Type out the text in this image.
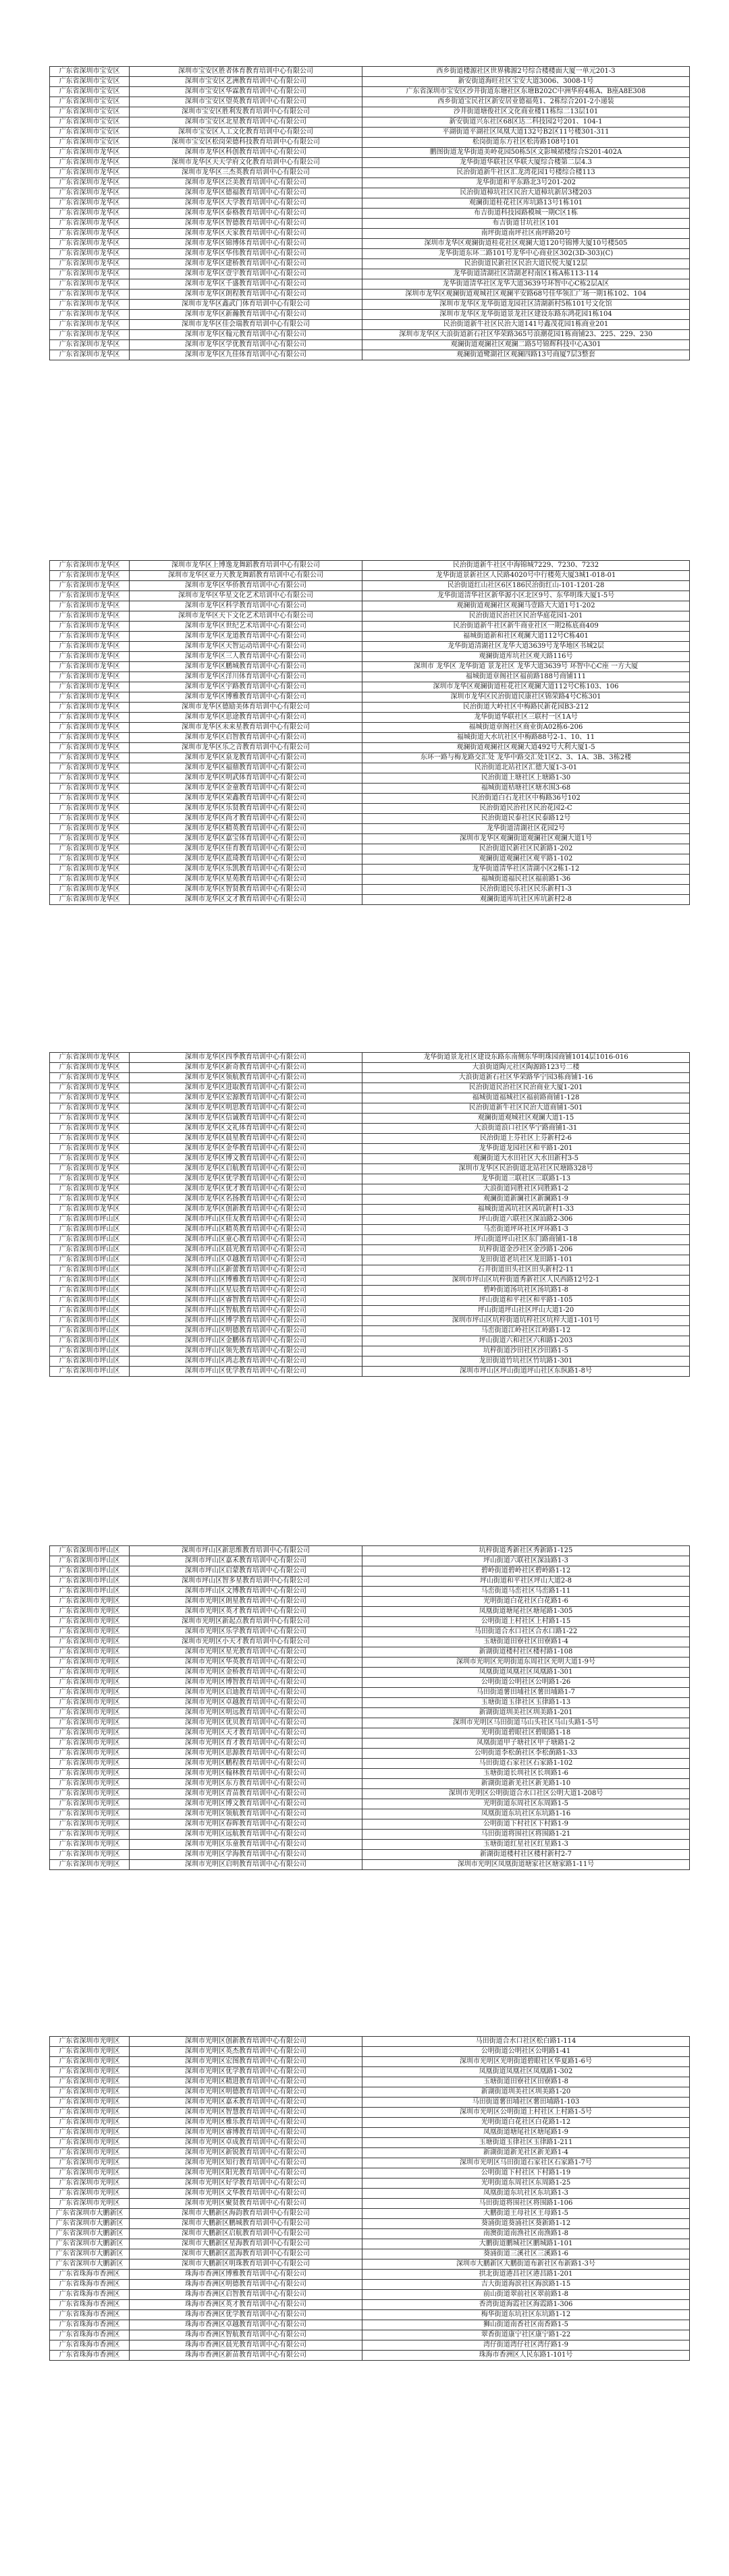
广东省深圳市宝安区	深圳市宝安区胜者体育教育培训中心有限公司	西乡街道楼源社区世界佛源2号综合楼楼面大厦一单元201-3
广东省深圳市宝安区	深圳市宝安区艺洲教育培训中心有限公司	新安街道海旺社区宝安大道3006、3008-1号
广东省深圳市宝安区	深圳市宝安区华霖教育培训中心有限公司	广东省深圳市宝安区沙井街道东塘社区东塘B202C中洲华府4栋A、B座A8E308
广东省深圳市宝安区	深圳市宝安区望英教育培训中心有限公司	西乡街道宝民社区新安居业德福苑1、2栋综合201-2小递装
广东省深圳市宝安区	深圳市宝安区胜利发教育培训中心有限公司	沙井街道塘俊社区文化商业楼11栋综二13层101
广东省深圳市宝安区	深圳市宝安区北星教育培训中心有限公司	新安街道兴东社区68区达二科技园2号201、104-1
广东省深圳市宝安区	深圳市宝安区人工文化教育培训中心有限公司	平湖街道平湖社区凤凰大道132号B2区11号楼301-311
广东省深圳市宝安区	深圳市宝安区松岗荣德科技教育培训中心有限公司	松岗街道东方社区松涛路108号101
广东省深圳市龙华区	深圳市龙华区科创教育培训中心有限公司	鹏图街道龙华街道美岭花园50栋5区文影城裙楼综合S201-402A
广东省深圳市龙华区	深圳市龙华区天天学府文化教育培训中心有限公司	龙华街道华联社区华联大厦综合楼第二层4.3
广东省深圳市龙华区	深圳市龙华区三杰英教育培训中心有限公司	民治街道新牛社区汇龙湾花园1号楼综合楼113
广东省深圳市龙华区	深圳市龙华区泛美教育培训中心有限公司	龙华街道和平东路北3号201-202
广东省深圳市龙华区	深圳市龙华区德福教育培训中心有限公司	民治街道樟坑社区民治大道樟坑新居3楼203
广东省深圳市龙华区	深圳市龙华区大学教育培训中心有限公司	观澜街道桂花社区库坑路13号1栋101
广东省深圳市龙华区	深圳市龙华区泰格教育培训中心有限公司	布吉街道科技园路模城一期C区1栋
广东省深圳市龙华区	深圳市龙华区智德教育培训中心有限公司	布吉街道甘坑社区101
广东省深圳市龙华区	深圳市龙华区天家教育培训中心有限公司	南坪街道南坪社区南坪路20号
广东省深圳市龙华区	深圳市龙华区锦博体育培训中心有限公司	深圳市龙华区观澜街道桂花社区观澜大道120号锦博大厦10号楼505
广东省深圳市龙华区	深圳市龙华区华伟教育培训中心有限公司	龙华街道东环二路101号龙华中心商业区302(3D-303)(C)
广东省深圳市龙华区	深圳市龙华区建桥教育培训中心有限公司	民治街道民新社区民治大道民悦大厦12层
广东省深圳市龙华区	深圳市龙华区壹宇教育培训中心有限公司	龙华街道清湖社区清湖老村南区1栋A栋113-114
广东省深圳市龙华区	深圳市龙华区千盛教育培训中心有限公司	龙华街道清华社区龙华大道3639号环智中心C栋2层A区
广东省深圳市龙华区	深圳市龙华区朗程教育培训中心有限公司	深圳市龙华区观澜街道观城社区观澜平安路68号佳华领汇广场一期1栋102、104
广东省深圳市龙华区	深圳市龙华区鑫武门体育培训中心有限公司	深圳市龙华区龙华街道龙园社区清湖新村5栋101号文化馆
广东省深圳市龙华区	深圳市龙华区新瀚教育培训中心有限公司	深圳市龙华区龙华街道景龙社区建设东路东鸿花园1栋104
广东省深圳市龙华区	深圳市龙华区佳会瑞教育培训中心有限公司	民治街道新牛社区民治大道141号鑫茂花园1栋商业201
广东省深圳市龙华区	深圳市龙华区翰元教育培训中心有限公司	深圳市龙华区大浪街道新石社区华荣路365号浪潮花园1栋商铺23、225、229、230
广东省深圳市龙华区	深圳市龙华区学优教育培训中心有限公司	观澜街道观澜社区观澜二路5号锦辉科技中心A301
广东省深圳市龙华区	深圳市龙华区九佳体育培训中心有限公司	观澜街道鹭湖社区观澜四路13号商厦7层3整套
广东省深圳市龙华区	深圳市龙华区上博逸龙舞蹈教育培训中心有限公司	民治街道新牛社区中海锦城7229、7230、7232
广东省深圳市龙华区	深圳市龙华区亚力天教龙舞蹈教育培训中心有限公司	龙华街道景新社区人民路4020号中行楼苑大厦3城1-018-01
广东省深圳市龙华区	深圳市龙华区华侨教育培训中心有限公司	民治街道红山社区6区186民治街红山-101-1201-28
广东省深圳市龙华区	深圳市龙华区华星文化艺术培训中心有限公司	龙华街道清华社区新华源小区北区9号、东华明珠大厦1-5号
广东省深圳市龙华区	深圳市龙华区科学教育培训中心有限公司	观澜街道观澜社区观澜马壹路大大道1号1-202
广东省深圳市龙华区	深圳市龙华区天下文化艺术培训中心有限公司	民治街道民治社区民治华庭花园1-201
广东省深圳市龙华区	深圳市龙华区世纪艺术培训中心有限公司	民治街道新牛社区新牛商业社区一期2栋底商409
广东省深圳市龙华区	深圳市龙华区龙道教育培训中心有限公司	福城街道新和社区观澜大道112号C栋401
广东省深圳市龙华区	深圳市龙华区天智运动培训中心有限公司	龙华街道清湖社区龙华大道3639号龙华地区书城2层
广东省深圳市龙华区	深圳市龙华区三人教育培训中心有限公司	观澜街道库坑社区观天路116号
广东省深圳市龙华区	深圳市龙华区鹏城教育培训中心有限公司	深圳市 龙华区 龙华街道 景龙社区 龙华大道3639号 环智中心C座 一方大厦
广东省深圳市龙华区	深圳市龙华区洋川体育培训中心有限公司	福城街道章阁社区福前路188号商铺111
广东省深圳市龙华区	深圳市龙华区宇路教育培训中心有限公司	深圳市龙华区观澜街道桂花社区观澜大道112号C栋103、106
广东省深圳市龙华区	深圳市龙华区博雅教育培训中心有限公司	深圳市龙华区民治街道民康社区锦荣路4号C栋301
广东省深圳市龙华区	深圳市龙华区德励美体育培训中心有限公司	民治街道大岭社区中梅路民新花园B3-212
广东省深圳市龙华区	深圳市龙华区思途教育培训中心有限公司	龙华街道华联社区三联村一区1A号
广东省深圳市龙华区	深圳市龙华区未来星教育培训中心有限公司	福城街道章阁社区商业街A02栋6-206
广东省深圳市龙华区	深圳市龙华区启智教育培训中心有限公司	福城街道大水坑社区中梅路88号2-1、10、11
广东省深圳市龙华区	深圳市龙华区乐之音教育培训中心有限公司	观澜街道观澜社区观澜大道492号大利大厦1-5
广东省深圳市龙华区	深圳市龙华区泉龙教育培训中心有限公司	东环一路与梅龙路交汇处 龙华中路交汇处1区2、3、1A、3B、3栋2楼
广东省深圳市龙华区	深圳市龙华区福鼎教育培训中心有限公司	民治街道北站社区汇德大厦1-3-01
广东省深圳市龙华区	深圳市龙华区明武体育培训中心有限公司	民治街道上塘社区上塘路1-30
广东省深圳市龙华区	深圳市龙华区金童教育培训中心有限公司	福城街道桔塘社区塘水围3-68
广东省深圳市龙华区	深圳市龙华区荣鑫教育培训中心有限公司	民治街道白石龙社区中梅路36号102
广东省深圳市龙华区	深圳市龙华区乐贤教育培训中心有限公司	民治街道民治社区民治花园2-C
广东省深圳市龙华区	深圳市龙华区尚才教育培训中心有限公司	民治街道民泰社区民泰路12号
广东省深圳市龙华区	深圳市龙华区精英教育培训中心有限公司	龙华街道清湖社区花园2号
广东省深圳市龙华区	深圳市龙华区嘉宝体育培训中心有限公司	深圳市龙华区观澜街道观澜社区观澜大道1号
广东省深圳市龙华区	深圳市龙华区佳育教育培训中心有限公司	民治街道民新社区民新路1-202
广东省深圳市龙华区	深圳市龙华区蓝琦教育培训中心有限公司	观澜街道观澜社区观平路1-102
广东省深圳市龙华区	深圳市龙华区乐凯教育培训中心有限公司	龙华街道清华社区清湖小区2栋1-12
广东省深圳市龙华区	深圳市龙华区星苑教育培训中心有限公司	福城街道福民社区福前路1-36
广东省深圳市龙华区	深圳市龙华区智贤教育培训中心有限公司	民治街道民乐社区民乐新村1-3
广东省深圳市龙华区	深圳市龙华区文才教育培训中心有限公司	观澜街道库坑社区库坑新村2-8
广东省深圳市龙华区	深圳市龙华区四季教育培训中心有限公司	龙华街道景龙社区建设东路东南侧东华明珠园商铺1014层1016-016
广东省深圳市龙华区	深圳市龙华区新奇教育培训中心有限公司	大浪街道陶元社区陶源路123号二楼
广东省深圳市龙华区	深圳市龙华区领航教育培训中心有限公司	大浪街道新石社区华荣路华宁园3栋商铺1-16
广东省深圳市龙华区	深圳市龙华区进取教育培训中心有限公司	民治街道民治社区民治商业大厦1-201
广东省深圳市龙华区	深圳市龙华区宏源教育培训中心有限公司	福城街道福城社区福前路商铺1-128
广东省深圳市龙华区	深圳市龙华区明思教育培训中心有限公司	民治街道新牛社区民治大道商铺1-501
广东省深圳市龙华区	深圳市龙华区信诚教育培训中心有限公司	观澜街道观城社区观澜大道1-15
广东省深圳市龙华区	深圳市龙华区文礼体育培训中心有限公司	大浪街道浪口社区华宁路商铺1-31
广东省深圳市龙华区	深圳市龙华区晨星教育培训中心有限公司	民治街道上芬社区上芬新村2-6
广东省深圳市龙华区	深圳市龙华区金华教育培训中心有限公司	龙华街道龙园社区和平路1-201
广东省深圳市龙华区	深圳市龙华区博文教育培训中心有限公司	观澜街道大水田社区大水田新村3-5
广东省深圳市龙华区	深圳市龙华区启航教育培训中心有限公司	深圳市龙华区民治街道北站社区民塘路328号
广东省深圳市龙华区	深圳市龙华区优学教育培训中心有限公司	龙华街道三联社区三联路1-13
广东省深圳市龙华区	深圳市龙华区优才教育培训中心有限公司	大浪街道同胜社区同胜路1-2
广东省深圳市龙华区	深圳市龙华区名扬教育培训中心有限公司	观澜街道新澜社区新澜路1-9
广东省深圳市龙华区	深圳市龙华区创新教育培训中心有限公司	福城街道茜坑社区茜坑新村1-33
广东省深圳市坪山区	深圳市坪山区佳友教育培训中心有限公司	坪山街道六联社区深汕路2-306
广东省深圳市坪山区	深圳市坪山区精英教育培训中心有限公司	马峦街道坪环社区坪环路1-3
广东省深圳市坪山区	深圳市坪山区童心教育培训中心有限公司	坪山街道坪山社区东门路商铺1-18
广东省深圳市坪山区	深圳市坪山区晨光教育培训中心有限公司	坑梓街道金沙社区金沙路1-206
广东省深圳市坪山区	深圳市坪山区卓越教育培训中心有限公司	龙田街道老坑社区龙田路1-101
广东省深圳市坪山区	深圳市坪山区新蕾教育培训中心有限公司	石井街道田头社区田头新村2-11
广东省深圳市坪山区	深圳市坪山区博雅教育培训中心有限公司	深圳市坪山区坑梓街道秀新社区人民西路12号2-1
广东省深圳市坪山区	深圳市坪山区星辰教育培训中心有限公司	碧岭街道汤坑社区汤坑路1-8
广东省深圳市坪山区	深圳市坪山区睿智教育培训中心有限公司	坪山街道和平社区和平路1-105
广东省深圳市坪山区	深圳市坪山区智航教育培训中心有限公司	坪山街道坪山社区坪山大道1-20
广东省深圳市坪山区	深圳市坪山区博学教育培训中心有限公司	深圳市坪山区坑梓街道坑梓社区坑梓大道1-101号
广东省深圳市坪山区	深圳市坪山区明德教育培训中心有限公司	马峦街道江岭社区江岭路1-12
广东省深圳市坪山区	深圳市坪山区金鹏体育培训中心有限公司	坪山街道六和社区六和路1-203
广东省深圳市坪山区	深圳市坪山区领先教育培训中心有限公司	坑梓街道沙田社区沙田路1-5
广东省深圳市坪山区	深圳市坪山区鸿志教育培训中心有限公司	龙田街道竹坑社区竹坑路1-301
广东省深圳市坪山区	深圳市坪山区优学教育培训中心有限公司	深圳市坪山区坪山街道坪山社区东纵路1-8号
广东省深圳市坪山区	深圳市坪山区新思维教育培训中心有限公司	坑梓街道秀新社区秀新路1-125
广东省深圳市坪山区	深圳市坪山区嘉禾教育培训中心有限公司	坪山街道六联社区深汕路1-3
广东省深圳市坪山区	深圳市坪山区启蒙教育培训中心有限公司	碧岭街道碧岭社区碧岭路1-12
广东省深圳市坪山区	深圳市坪山区智多星教育培训中心有限公司	坪山街道和平社区坪山大道2-8
广东省深圳市坪山区	深圳市坪山区文博教育培训中心有限公司	马峦街道马峦社区马峦路1-11
广东省深圳市光明区	深圳市光明区朗星教育培训中心有限公司	光明街道白花社区白花路1-6
广东省深圳市光明区	深圳市光明区英才教育培训中心有限公司	凤凰街道塘尾社区塘尾路1-305
广东省深圳市光明区	深圳市光明区新起点教育培训中心有限公司	公明街道上村社区上村路1-15
广东省深圳市光明区	深圳市光明区乐学教育培训中心有限公司	马田街道合水口社区合水口路1-22
广东省深圳市光明区	深圳市光明区小天才教育培训中心有限公司	玉塘街道田寮社区田寮路1-4
广东省深圳市光明区	深圳市光明区星光教育培训中心有限公司	新湖街道楼村社区楼村路1-108
广东省深圳市光明区	深圳市光明区华英教育培训中心有限公司	深圳市光明区光明街道东周社区光明大道1-9号
广东省深圳市光明区	深圳市光明区金桥教育培训中心有限公司	凤凰街道凤凰社区凤凰路1-301
广东省深圳市光明区	深圳市光明区博智教育培训中心有限公司	公明街道公明社区公明路1-26
广东省深圳市光明区	深圳市光明区启迪教育培训中心有限公司	马田街道薯田埔社区薯田埔路1-7
广东省深圳市光明区	深圳市光明区卓越教育培训中心有限公司	玉塘街道玉律社区玉律路1-13
广东省深圳市光明区	深圳市光明区明远教育培训中心有限公司	新湖街道圳美社区圳美路1-201
广东省深圳市光明区	深圳市光明区优贝教育培训中心有限公司	深圳市光明区马田街道马山头社区马山头路1-5号
广东省深圳市光明区	深圳市光明区天才教育培训中心有限公司	光明街道碧眼社区碧眼路1-18
广东省深圳市光明区	深圳市光明区育才教育培训中心有限公司	凤凰街道甲子塘社区甲子塘路1-2
广东省深圳市光明区	深圳市光明区思源教育培训中心有限公司	公明街道李松蓢社区李松蓢路1-33
广东省深圳市光明区	深圳市光明区鹏程教育培训中心有限公司	马田街道石家社区石家路1-102
广东省深圳市光明区	深圳市光明区翰林教育培训中心有限公司	玉塘街道长圳社区长圳路1-6
广东省深圳市光明区	深圳市光明区东方教育培训中心有限公司	新湖街道新羌社区新羌路1-10
广东省深圳市光明区	深圳市光明区青苗教育培训中心有限公司	深圳市光明区公明街道合水口社区公明大道1-208号
广东省深圳市光明区	深圳市光明区博文教育培训中心有限公司	光明街道东周社区东周路1-5
广东省深圳市光明区	深圳市光明区领航教育培训中心有限公司	凤凰街道东坑社区东坑路1-16
广东省深圳市光明区	深圳市光明区春晖教育培训中心有限公司	公明街道下村社区下村路1-9
广东省深圳市光明区	深圳市光明区远航教育培训中心有限公司	马田街道将围社区将围路1-21
广东省深圳市光明区	深圳市光明区乐童教育培训中心有限公司	玉塘街道红星社区红星路1-3
广东省深圳市光明区	深圳市光明区学海教育培训中心有限公司	新湖街道楼村社区楼村新村2-7
广东省深圳市光明区	深圳市光明区启明教育培训中心有限公司	深圳市光明区凤凰街道塘家社区塘家路1-11号
广东省深圳市光明区	深圳市光明区创新教育培训中心有限公司	马田街道合水口社区松白路1-114
广东省深圳市光明区	深圳市光明区英杰教育培训中心有限公司	公明街道公明社区公明路1-41
广东省深圳市光明区	深圳市光明区宏图教育培训中心有限公司	深圳市光明区光明街道碧眼社区华夏路1-6号
广东省深圳市光明区	深圳市光明区优学教育培训中心有限公司	凤凰街道凤凰社区凤凰路1-302
广东省深圳市光明区	深圳市光明区精进教育培训中心有限公司	玉塘街道田寮社区田寮路1-8
广东省深圳市光明区	深圳市光明区明德教育培训中心有限公司	新湖街道圳美社区圳美路1-20
广东省深圳市光明区	深圳市光明区嘉禾教育培训中心有限公司	马田街道薯田埔社区薯田埔路1-103
广东省深圳市光明区	深圳市光明区智慧教育培训中心有限公司	深圳市光明区公明街道上村社区上村路1-5号
广东省深圳市光明区	深圳市光明区雅乐教育培训中心有限公司	光明街道白花社区白花路1-12
广东省深圳市光明区	深圳市光明区睿博教育培训中心有限公司	凤凰街道塘尾社区塘尾路1-9
广东省深圳市光明区	深圳市光明区卓成教育培训中心有限公司	玉塘街道玉律社区玉律路1-211
广东省深圳市光明区	深圳市光明区新锐教育培训中心有限公司	新湖街道新羌社区新羌路1-4
广东省深圳市光明区	深圳市光明区知行教育培训中心有限公司	深圳市光明区马田街道石家社区石家路1-7号
广东省深圳市光明区	深圳市光明区阳光教育培训中心有限公司	公明街道下村社区下村路1-19
广东省深圳市光明区	深圳市光明区好学教育培训中心有限公司	光明街道东周社区东周路1-25
广东省深圳市光明区	深圳市光明区文华教育培训中心有限公司	凤凰街道东坑社区东坑路1-3
广东省深圳市光明区	深圳市光明区聚贤教育培训中心有限公司	马田街道将围社区将围路1-106
广东省深圳市大鹏新区	深圳市大鹏新区海韵教育培训中心有限公司	大鹏街道王母社区王母路1-5
广东省深圳市大鹏新区	深圳市大鹏新区鹏城教育培训中心有限公司	葵涌街道葵涌社区葵新路1-12
广东省深圳市大鹏新区	深圳市大鹏新区启航教育培训中心有限公司	南澳街道南渔社区南渔路1-8
广东省深圳市大鹏新区	深圳市大鹏新区星海教育培训中心有限公司	大鹏街道鹏城社区鹏城路1-101
广东省深圳市大鹏新区	深圳市大鹏新区蓝海教育培训中心有限公司	葵涌街道三溪社区三溪路1-6
广东省深圳市大鹏新区	深圳市大鹏新区明珠教育培训中心有限公司	深圳市大鹏新区大鹏街道布新社区布新路1-3号
广东省珠海市香洲区	珠海市香洲区博雅教育培训中心有限公司	拱北街道港昌社区港昌路1-201
广东省珠海市香洲区	珠海市香洲区明德教育培训中心有限公司	吉大街道海滨社区海滨路1-15
广东省珠海市香洲区	珠海市香洲区启智教育培训中心有限公司	前山街道翠前社区翠前路1-8
广东省珠海市香洲区	珠海市香洲区英才教育培训中心有限公司	香湾街道海霞社区海霞路1-306
广东省珠海市香洲区	珠海市香洲区优学教育培训中心有限公司	梅华街道东坑社区东坑路1-12
广东省珠海市香洲区	珠海市香洲区卓越教育培训中心有限公司	狮山街道南香社区南香路1-5
广东省珠海市香洲区	珠海市香洲区智航教育培训中心有限公司	翠香街道康宁社区康宁路1-22
广东省珠海市香洲区	珠海市香洲区晨光教育培训中心有限公司	湾仔街道湾仔社区湾仔路1-9
广东省珠海市香洲区	珠海市香洲区新苗教育培训中心有限公司	珠海市香洲区人民东路1-101号
